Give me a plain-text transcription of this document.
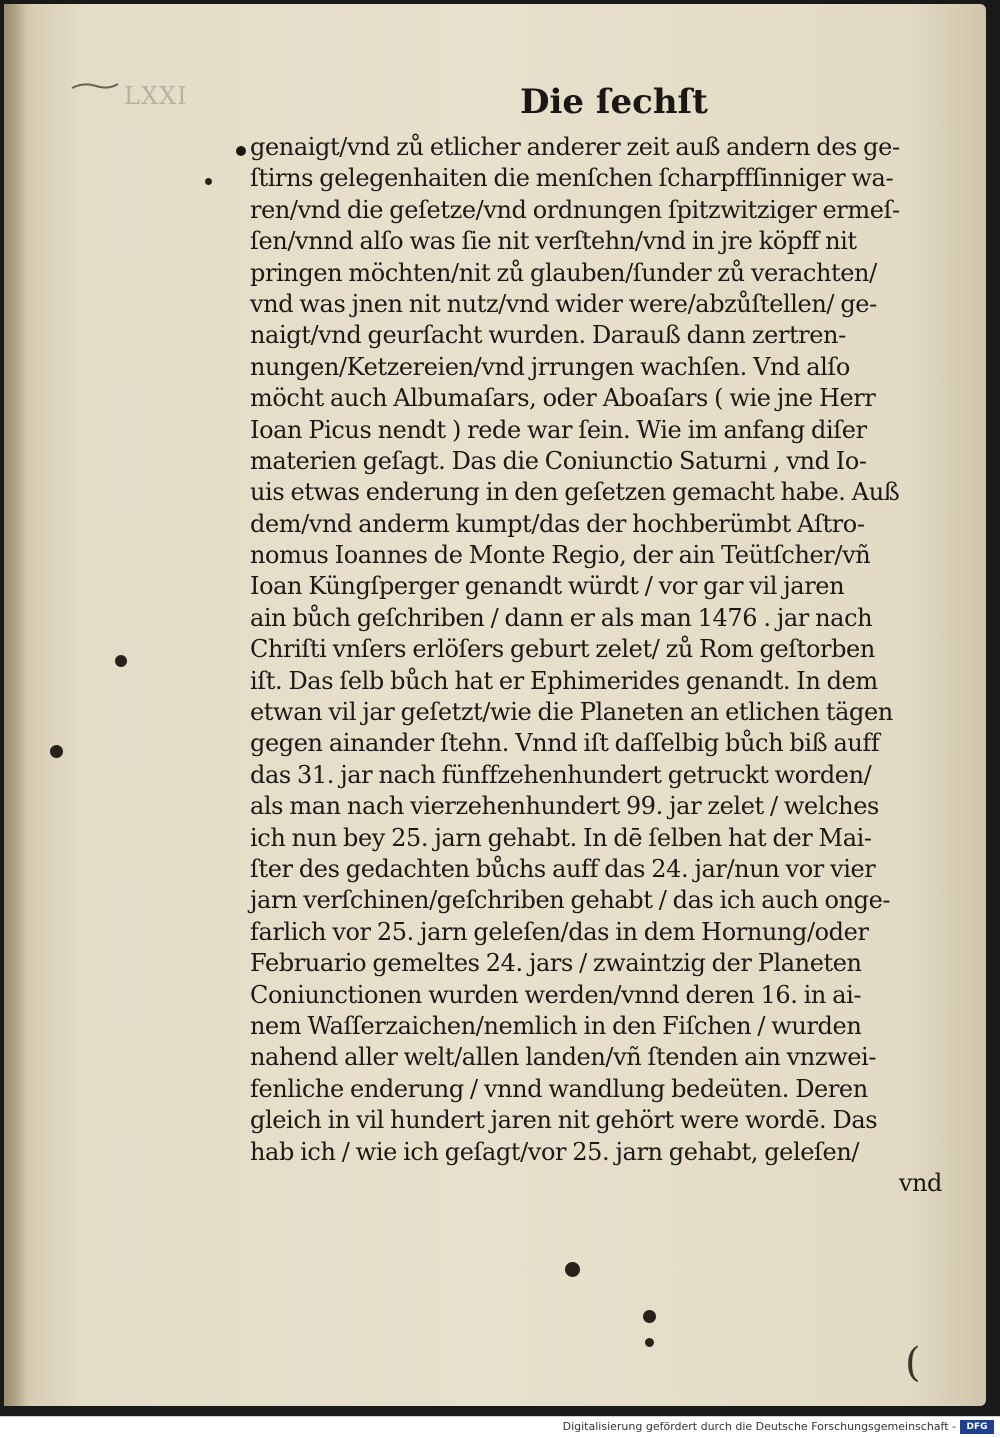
LXXI	Die ſechſt
genaigt/vnd zů etlicher anderer zeit auß andern des ge-
ſtirns gelegenhaiten die menſchen ſcharpffſinniger wa-
ren/vnd die geſetze/vnd ordnungen ſpitzwitziger ermeſ-
ſen/vnnd alſo was ſie nit verſtehn/vnd in jre köpff nit
pringen möchten/nit zů glauben/ſunder zů verachten/
vnd was jnen nit nutz/vnd wider were/abzůſtellen/ ge-
naigt/vnd geurſacht wurden. Darauß dann zertren-
nungen/Ketzereien/vnd jrrungen wachſen. Vnd alſo
möcht auch Albumaſars, oder Aboaſars ( wie jne Herr
Ioan Picus nendt ) rede war ſein. Wie im anfang diſer
materien geſagt. Das die Coniunctio Saturni , vnd Io-
uis etwas enderung in den geſetzen gemacht habe. Auß
dem/vnd anderm kumpt/das der hochberümbt Aſtro-
nomus Ioannes de Monte Regio, der ain Teütſcher/vñ
Ioan Küngſperger genandt würdt / vor gar vil jaren
ain bůch geſchriben / dann er als man 1476 . jar nach
Chriſti vnſers erlöſers geburt zelet/ zů Rom geſtorben
iſt. Das ſelb bůch hat er Ephimerides genandt. In dem
etwan vil jar geſetzt/wie die Planeten an etlichen tägen
gegen ainander ſtehn. Vnnd iſt daſſelbig bůch biß auff
das 31. jar nach fünffzehenhundert getruckt worden/
als man nach vierzehenhundert 99. jar zelet / welches
ich nun bey 25. jarn gehabt. In dē ſelben hat der Mai-
ſter des gedachten bůchs auff das 24. jar/nun vor vier
jarn verſchinen/geſchriben gehabt / das ich auch onge-
farlich vor 25. jarn geleſen/das in dem Hornung/oder
Februario gemeltes 24. jars / zwaintzig der Planeten
Coniunctionen wurden werden/vnnd deren 16. in ai-
nem Waſſerzaichen/nemlich in den Fiſchen / wurden
nahend aller welt/allen landen/vñ ſtenden ain vnzwei-
fenliche enderung / vnnd wandlung bedeüten. Deren
gleich in vil hundert jaren nit gehört were wordē. Das
hab ich / wie ich geſagt/vor 25. jarn gehabt, geleſen/
vnd
(
Digitalisierung gefördert durch die Deutsche Forschungsgemeinschaft -	DFG
